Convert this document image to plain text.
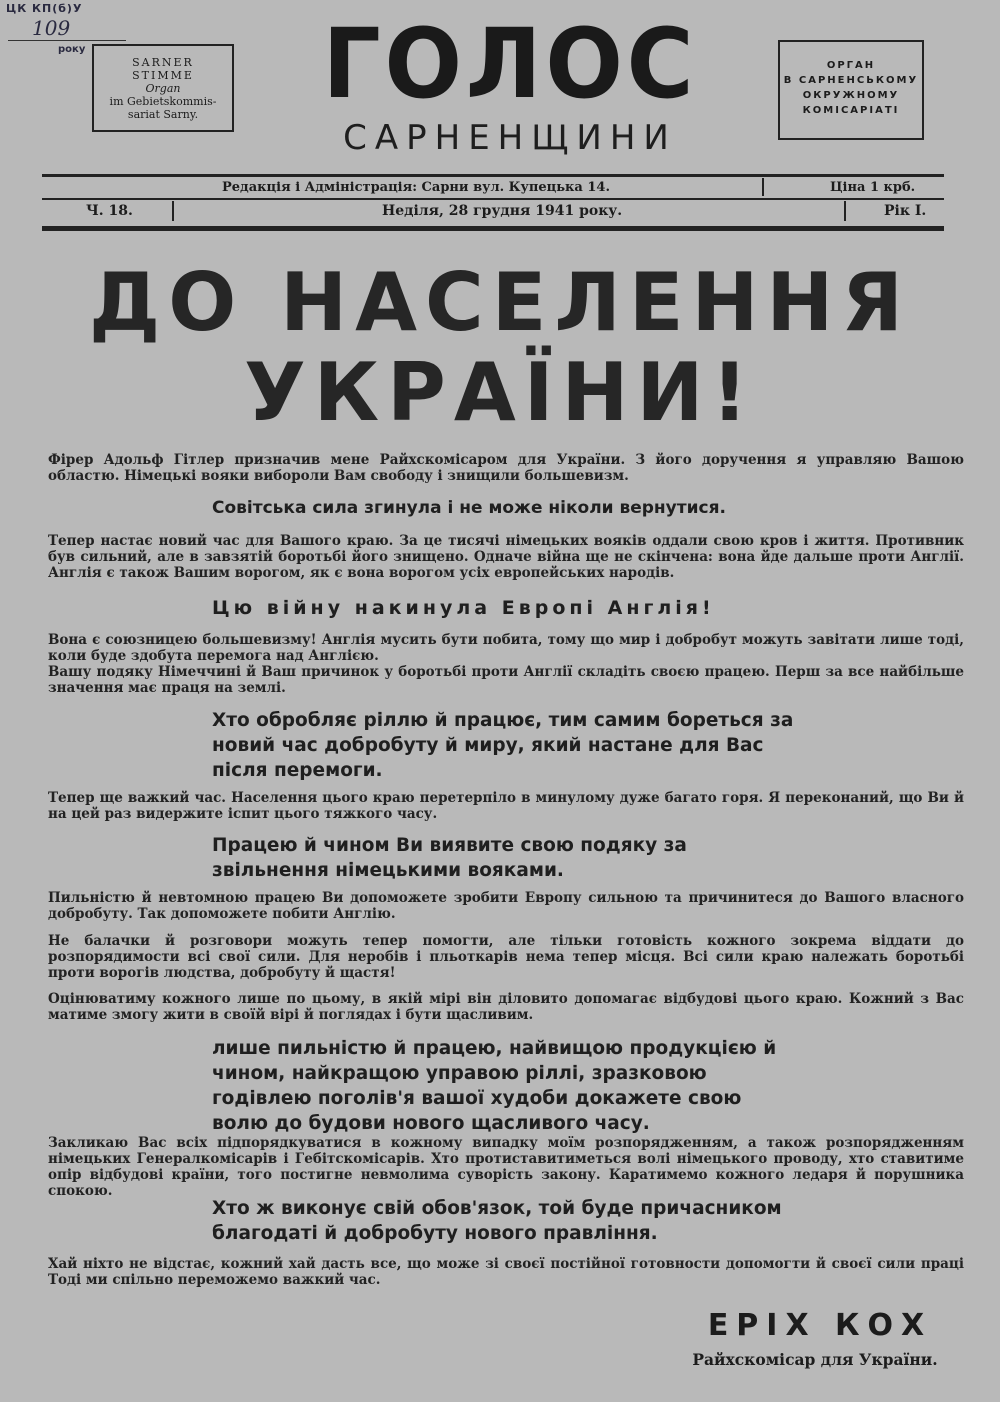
ЦК КП(б)У
109
року
SARNER
STIMME
Organ
im Gebietskommis-
sariat Sarny.	ГОЛОС
САРНЕНЩИНИ
ОРГАН
В САРНЕНСЬКОМУ
ОКРУЖНОМУ
КОМІСАРІАТІ
Редакція і Адміністрація: Сарни вул. Купецька 14.	Ціна 1 крб.
Ч. 18.	Неділя, 28 грудня 1941 року.	Рік I.
ДО НАСЕЛЕННЯ
УКРАЇНИ!
Фірер Адольф Гітлер призначив мене Райхскомісаром для України. З його доручення я управляю Вашою областю. Німецькі вояки виборoли Вам свободу і знищили большевизм.
Совітська сила згинула і не може ніколи вернутися.
Тепер настає новий час для Вашого краю. За це тисячі німецьких вояків оддали свою кров і життя. Противник був сильний, але в завзятій боротьбі його знищено. Одначе війна ще не скінчена: вона йде дальше проти Англії. Англія є також Вашим ворогом, як є вона ворогом усіх европейських народів.
Цю війну накинула Европі Англія!
Вона є союзницею большевизму! Англія мусить бути побита, тому що мир і добробут можуть завітати лише тоді, коли буде здобута перемога над Англією.
Вашу подяку Німеччині й Ваш причинок у боротьбі проти Англії складіть своєю працею. Перш за все найбільше значення має праця на землі.
Хто обробляє ріллю й працює, тим самим бореться за новий час добробуту й миру, який настане для Вас після перемоги.
Тепер ще важкий час. Населення цього краю перетерпіло в минулому дуже багато горя. Я переконаний, що Ви й на цей раз видержите іспит цього тяжкого часу.
Працею й чином Ви виявите свою подяку за звільнення німецькими вояками.
Пильністю й невтомною працею Ви допоможете зробити Европу сильною та причинитеся до Вашого власного добробуту. Так допоможете побити Англію.
Не балачки й розговори можуть тепер помогти, але тільки готовість кожного зокрема віддати до розпорядимости всі свої сили. Для неробів і пльоткарів нема тепер місця. Всі сили краю належать боротьбі проти ворогів людства, добробуту й щастя!
Оцінюватиму кожного лише по цьому, в якій мірі він діловито допомагає відбудові цього краю. Кожний з Вас матиме змогу жити в своїй вірі й поглядах і бути щасливим.
лише пильністю й працею, найвищою продукцією й чином, найкращою управою ріллі, зразковою годівлею поголів'я вашої худоби докажете свою волю до будови нового щасливого часу.
Закликаю Вас всіх підпорядкуватися в кожному випадку моїм розпорядженням, а також розпорядженням німецьких Генералкомісарів і Гебітскомісарів. Хто протиставитиметься волі німецького проводу, хто ставитиме опір відбудові країни, того постигне невмолима суворість закону. Каратимемо кожного ледаря й порушника спокою.
Хто ж виконує свій обов'язок, той буде причасником благодаті й добробуту нового правління.
Хай ніхто не відстає, кожний хай дасть все, що може зі своєї постійної готовности допомогти й своєї сили праці Тоді ми спільно переможемо важкий час.
ЕРІХ КОХ
Райхскомісар для України.
